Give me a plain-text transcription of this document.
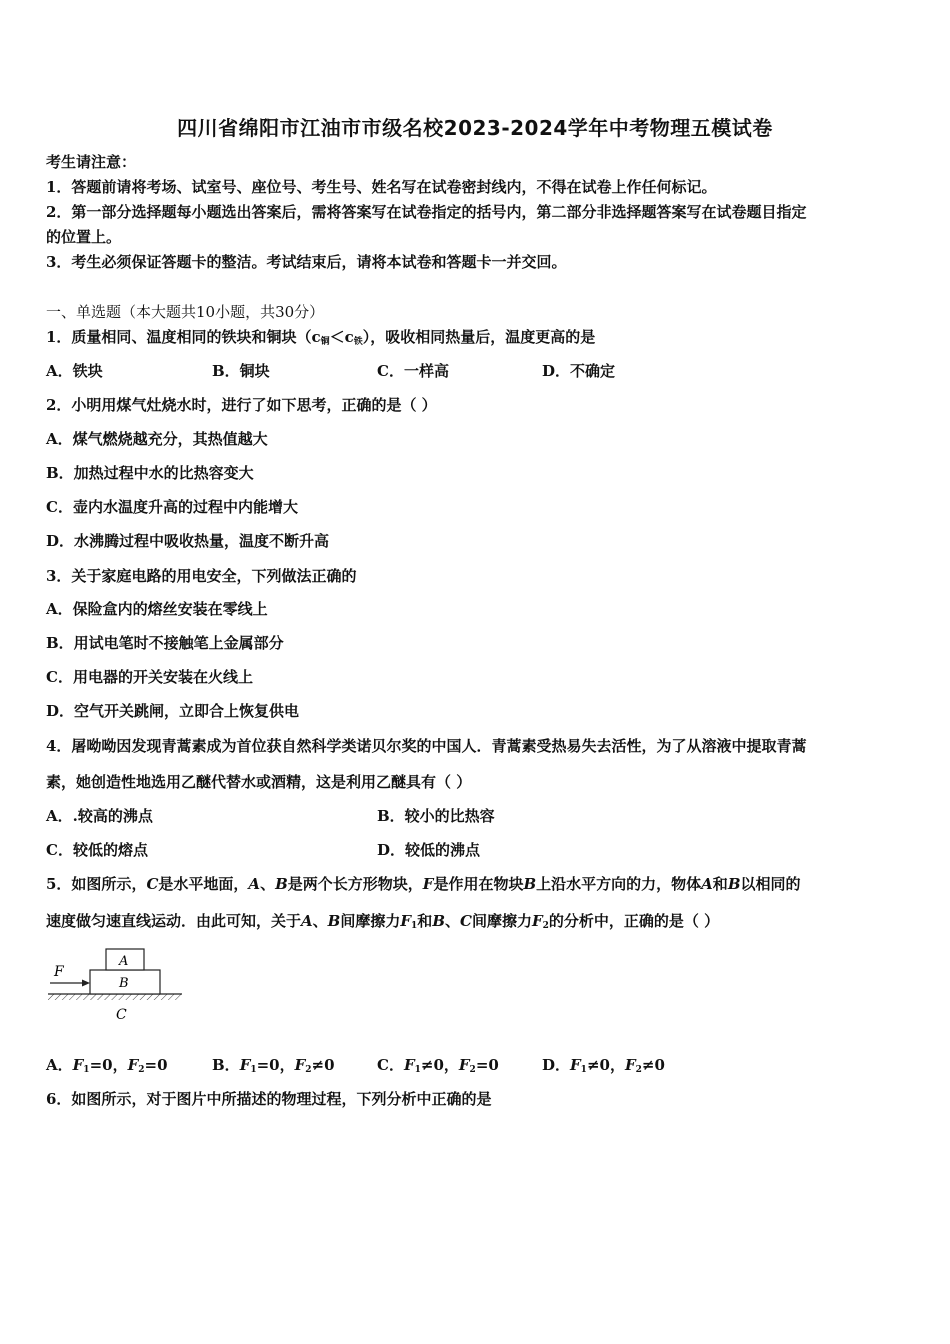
四川省绵阳市江油市市级名校2023-2024学年中考物理五模试卷
考生请注意：
1．答题前请将考场、试室号、座位号、考生号、姓名写在试卷密封线内，不得在试卷上作任何标记。
2．第一部分选择题每小题选出答案后，需将答案写在试卷指定的括号内，第二部分非选择题答案写在试卷题目指定
的位置上。
3．考生必须保证答题卡的整洁。考试结束后，请将本试卷和答题卡一并交回。
一、单选题（本大题共10小题，共30分）
1．质量相同、温度相同的铁块和铜块$(c_铜<c_铁)$，吸收相同热量后，温度更高的是
A．铁块	B．铜块	C．一样高	D．不确定
2．小明用煤气灶烧水时，进行了如下思考，正确的是（ ）
A．煤气燃烧越充分，其热值越大
B．加热过程中水的比热容变大
C．壶内水温度升高的过程中内能增大
D．水沸腾过程中吸收热量，温度不断升高
3．关于家庭电路的用电安全，下列做法正确的
A．保险盒内的熔丝安装在零线上
B．用试电笔时不接触笔上金属部分
C．用电器的开关安装在火线上
D．空气开关跳闸，立即合上恢复供电
4．屠呦呦因发现青蒿素成为首位获自然科学类诺贝尔奖的中国人．青蒿素受热易失去活性，为了从溶液中提取青蒿
素，她创造性地选用乙醚代替水或酒精，这是利用乙醚具有（ ）
A．.较高的沸点	B．较小的比热容
C．较低的熔点	D．较低的沸点
5．如图所示，C是水平地面，A、B是两个长方形物块，F是作用在物块B上沿水平方向的力，物体A和B以相同的
速度做匀速直线运动．由此可知，关于A、B间摩擦力$F_1$和B、C间摩擦力$F_2$的分析中，正确的是（ ）
F
A
B
C
A．$F_1=0$，$F_2=0$	B．$F_1=0$，$F_2\ne 0$	C．$F_1\ne 0$，$F_2=0$	D．$F_1\ne 0$，$F_2\ne 0$
6．如图所示，对于图片中所描述的物理过程，下列分析中正确的是
